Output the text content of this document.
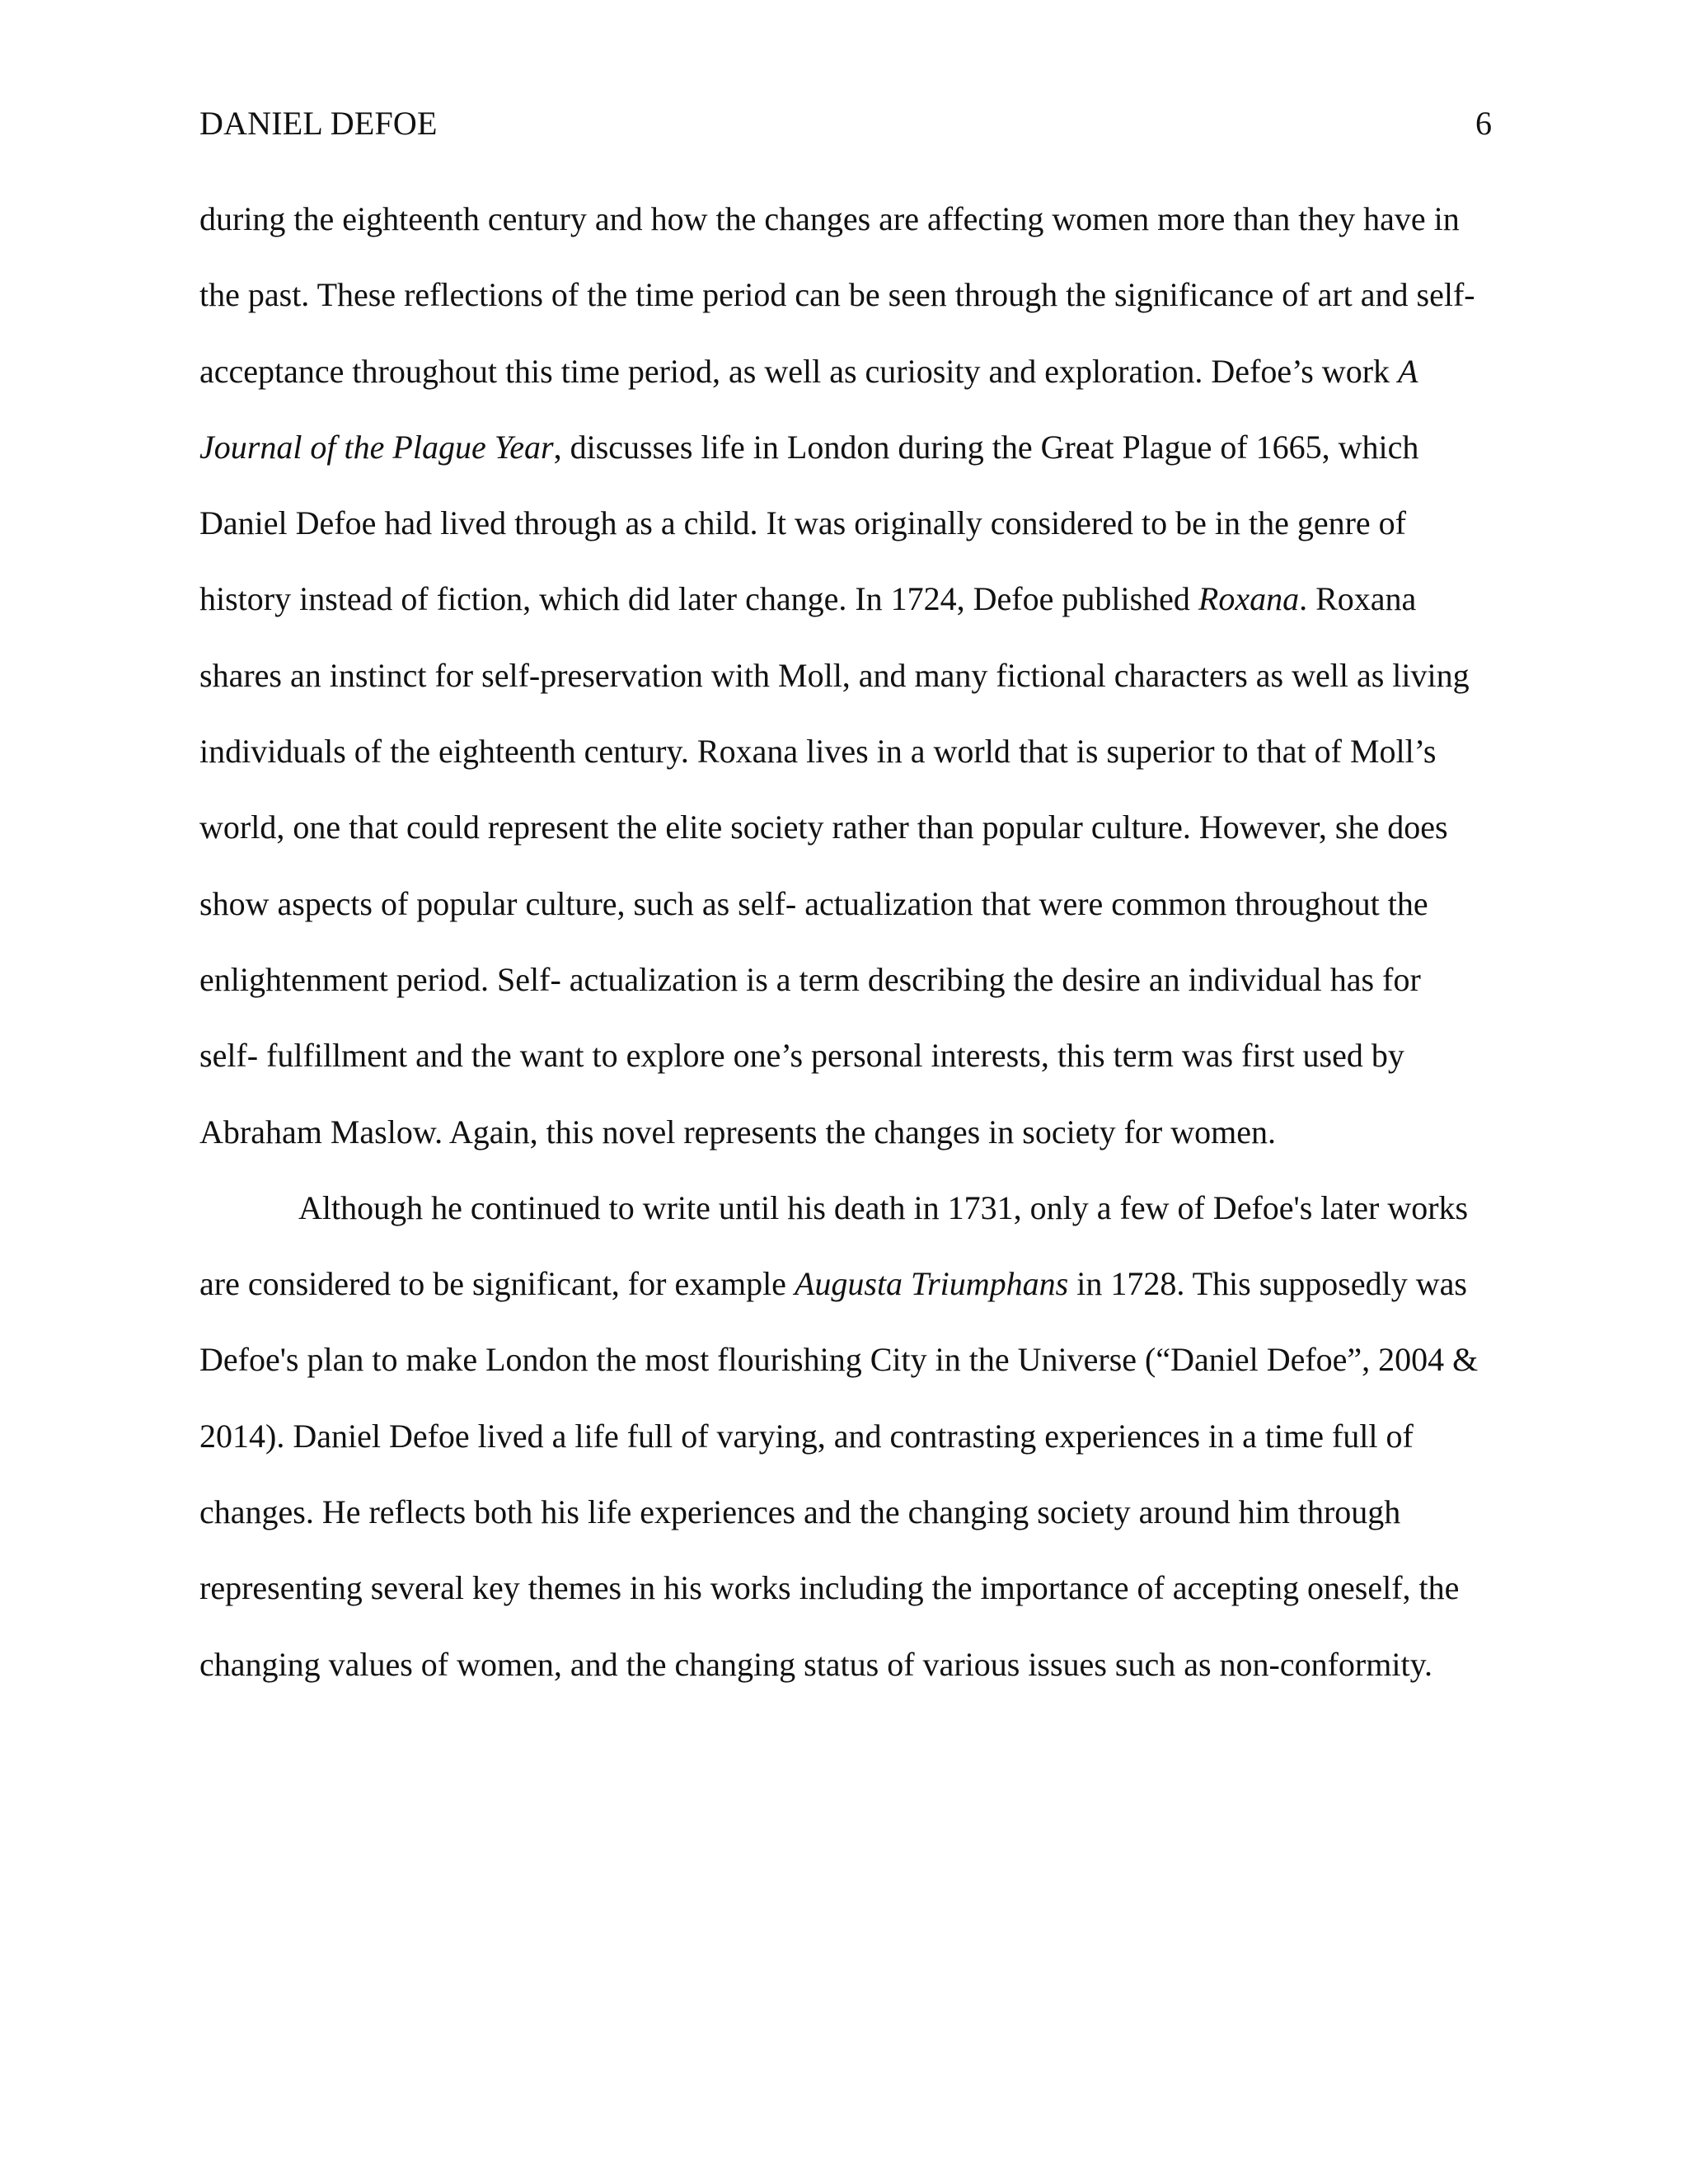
DANIEL DEFOE	6
during the eighteenth century and how the changes are affecting women more than they have in
the past. These reflections of the time period can be seen through the significance of art and self-
acceptance throughout this time period, as well as curiosity and exploration. Defoe’s work A
Journal of the Plague Year, discusses life in London during the Great Plague of 1665, which
Daniel Defoe had lived through as a child. It was originally considered to be in the genre of
history instead of fiction, which did later change. In 1724, Defoe published Roxana. Roxana
shares an instinct for self-preservation with Moll, and many fictional characters as well as living
individuals of the eighteenth century. Roxana lives in a world that is superior to that of Moll’s
world, one that could represent the elite society rather than popular culture. However, she does
show aspects of popular culture, such as self- actualization that were common throughout the
enlightenment period. Self- actualization is a term describing the desire an individual has for
self- fulfillment and the want to explore one’s personal interests, this term was first used by
Abraham Maslow. Again, this novel represents the changes in society for women.
Although he continued to write until his death in 1731, only a few of Defoe's later works
are considered to be significant, for example Augusta Triumphans in 1728. This supposedly was
Defoe's plan to make London the most flourishing City in the Universe (“Daniel Defoe”, 2004 &
2014). Daniel Defoe lived a life full of varying, and contrasting experiences in a time full of
changes. He reflects both his life experiences and the changing society around him through
representing several key themes in his works including the importance of accepting oneself, the
changing values of women, and the changing status of various issues such as non-conformity.
